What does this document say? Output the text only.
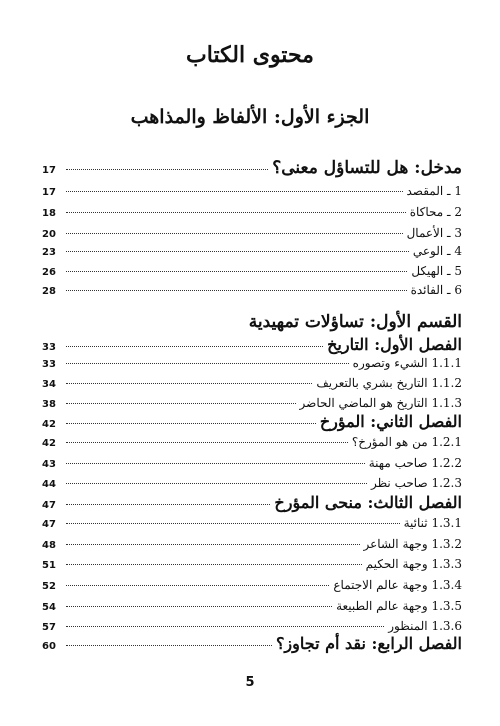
محتوى الكتاب
الجزء الأول: الألفاظ والمذاهب
مدخل: هل للتساؤل معنى؟
17
1 ـ المقصد
17
2 ـ محاكاة
18
3 ـ الأعمال
20
4 ـ الوعي
23
5 ـ الهيكل
26
6 ـ الفائدة
28
القسم الأول: تساؤلات تمهيدية
الفصل الأول: التاريخ
33
1.1.1 الشيء وتصوره
33
1.1.2 التاريخ بشري بالتعريف
34
1.1.3 التاريخ هو الماضي الحاضر
38
الفصل الثاني: المؤرخ
42
1.2.1 من هو المؤرخ؟
42
1.2.2 صاحب مهنة
43
1.2.3 صاحب نظر
44
الفصل الثالث: منحى المؤرخ
47
1.3.1 ثنائية
47
1.3.2 وجهة الشاعر
48
1.3.3 وجهة الحكيم
51
1.3.4 وجهة عالم الاجتماع
52
1.3.5 وجهة عالم الطبيعة
54
1.3.6 المنظور
57
الفصل الرابع: نقد أم تجاوز؟
60
5
